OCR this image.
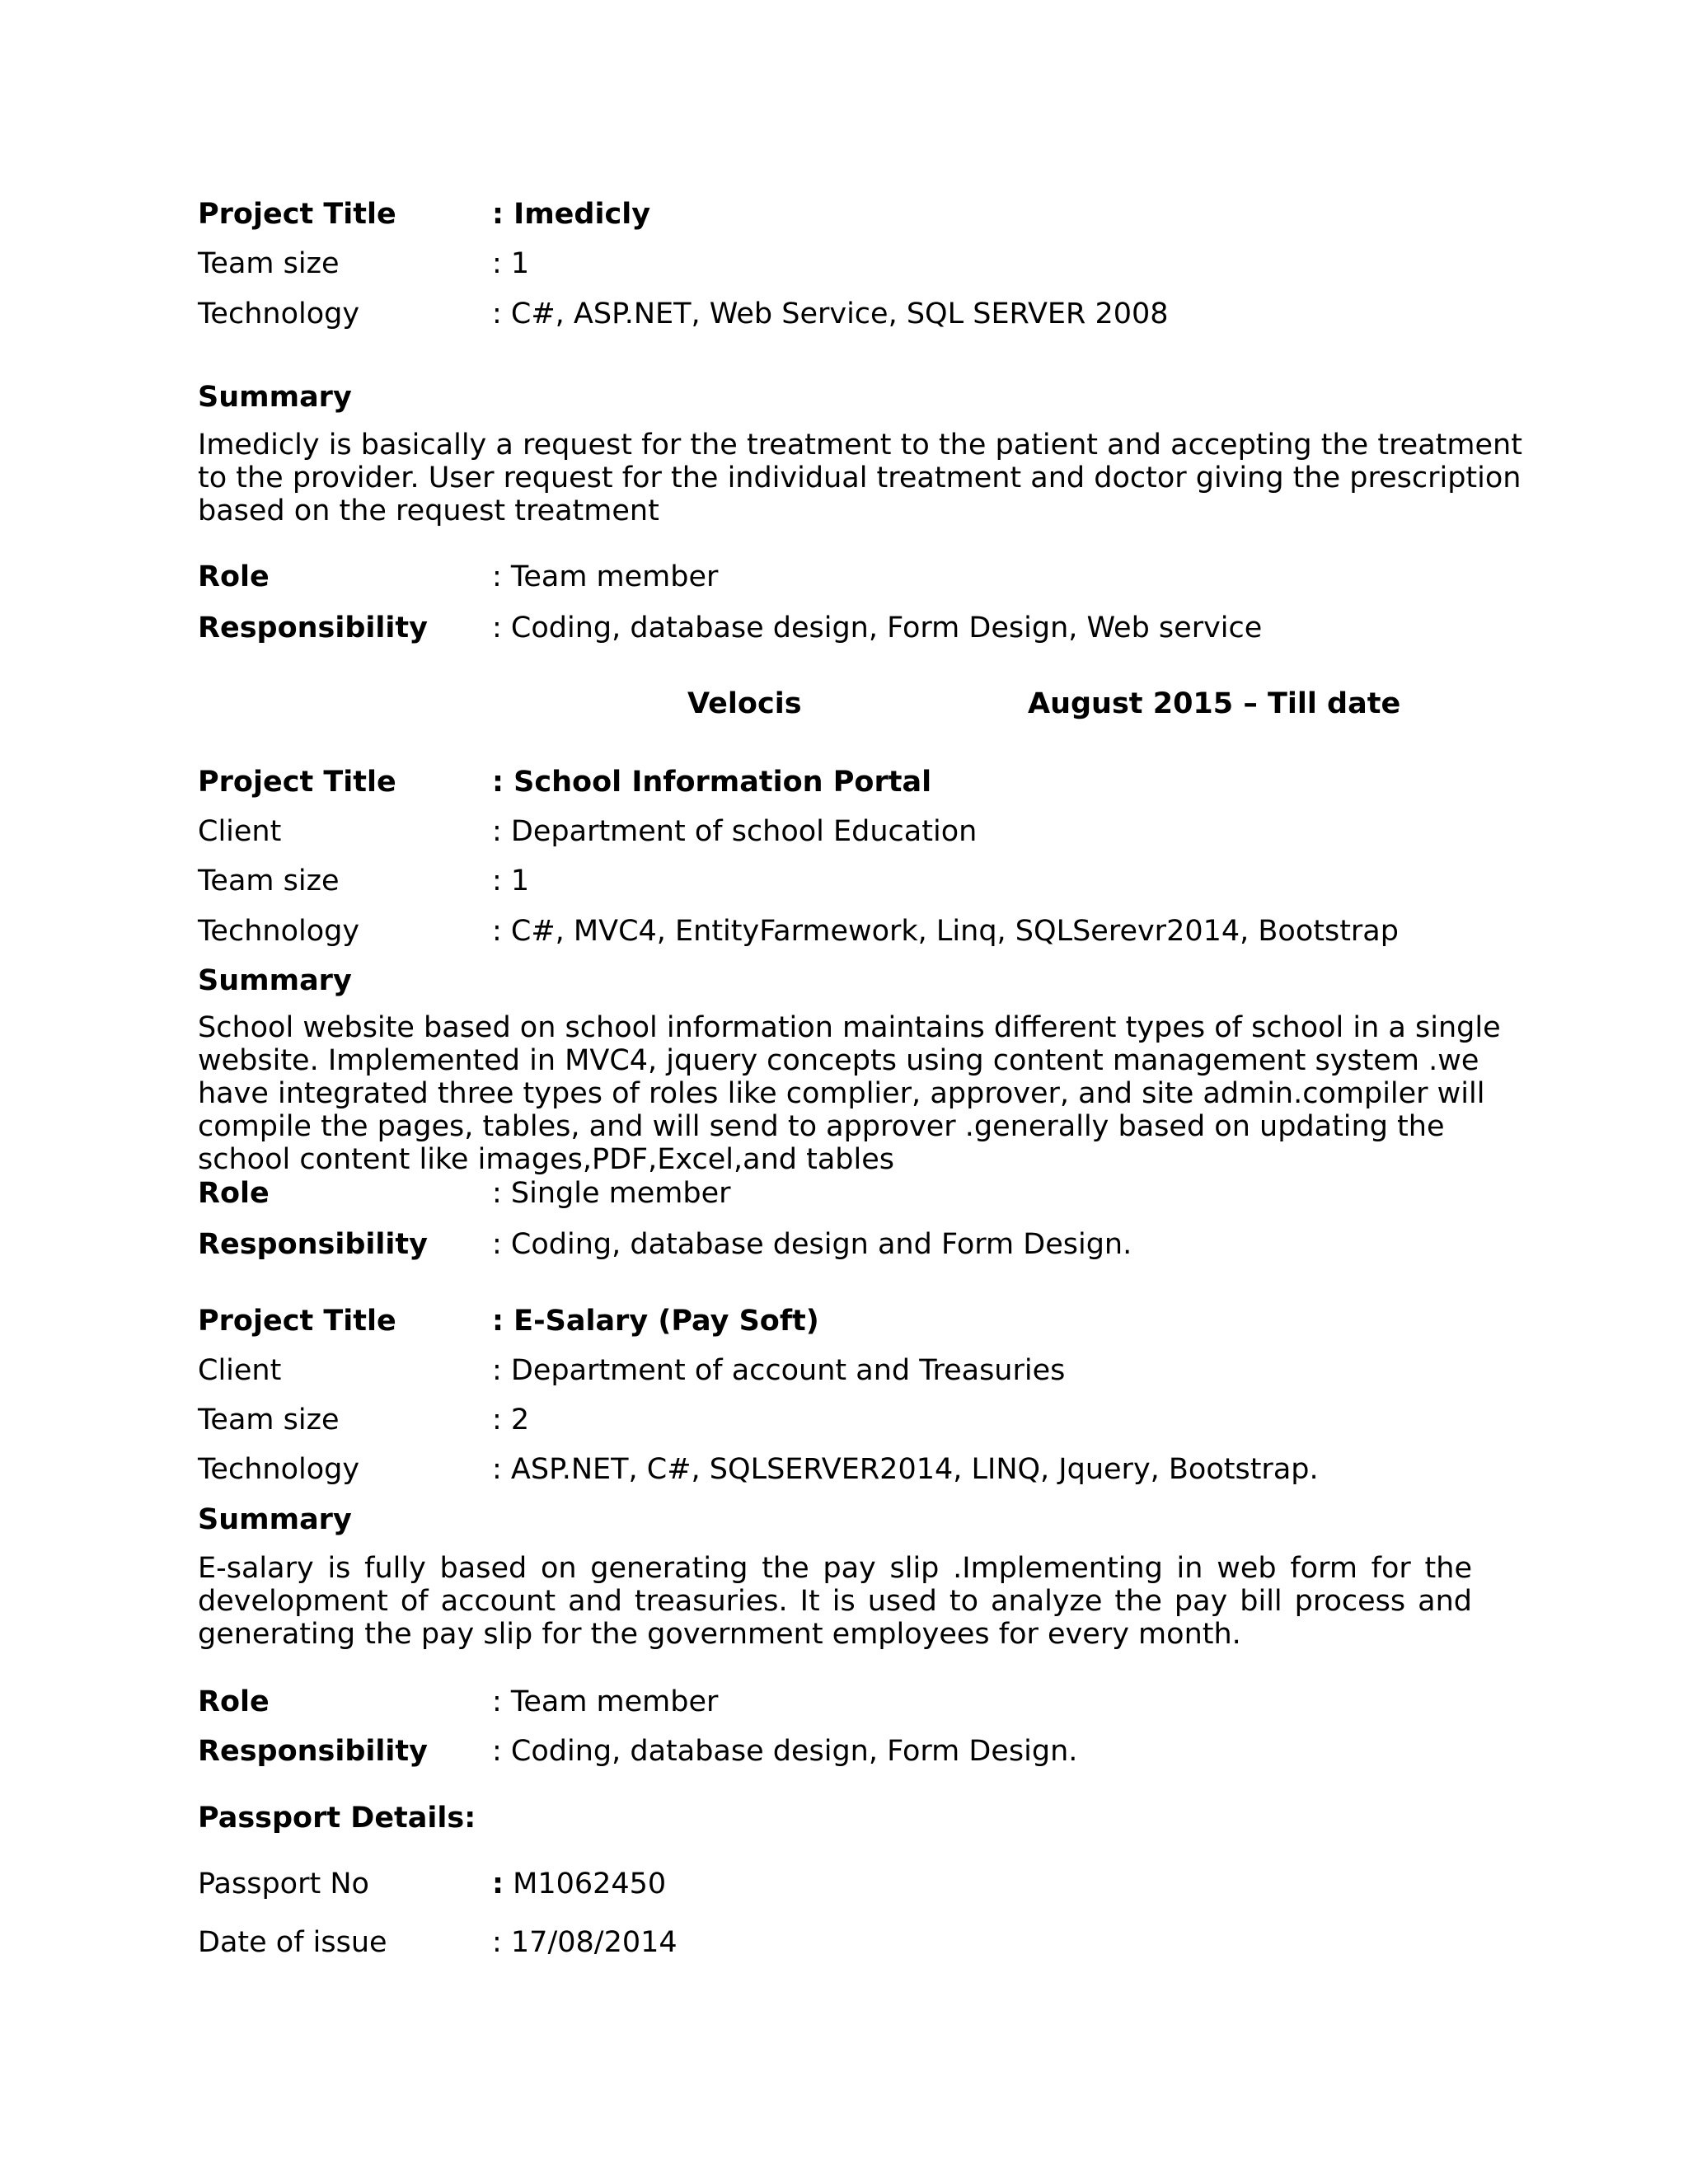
Project Title	: Imedicly
Team size	: 1
Technology	: C#, ASP.NET, Web Service, SQL SERVER 2008
Summary
Imedicly is basically a request for the treatment to the patient and accepting the treatment
to the provider. User request for the individual treatment and doctor giving the prescription
based on the request treatment
Role	: Team member
Responsibility : Coding, database design, Form Design, Web service
Velocis	August 2015 – Till date
Project Title	: School Information Portal
Client	: Department of school Education
Team size	: 1
Technology	: C#, MVC4, EntityFarmework, Linq, SQLSerevr2014, Bootstrap
Summary
School website based on school information maintains different types of school in a single
website. Implemented in MVC4, jquery concepts using content management system .we
have integrated three types of roles like complier, approver, and site admin.compiler will
compile the pages, tables, and will send to approver .generally based on updating the
school content like images,PDF,Excel,and tables
Role	: Single member
Responsibility : Coding, database design and Form Design.
Project Title	: E-Salary (Pay Soft)
Client	: Department of account and Treasuries
Team size	: 2
Technology	: ASP.NET, C#, SQLSERVER2014, LINQ, Jquery, Bootstrap.
Summary
E-salary is fully based on generating the pay slip .Implementing in web form for the
development of account and treasuries. It is used to analyze the pay bill process and
generating the pay slip for the government employees for every month.
Role	: Team member
Responsibility : Coding, database design, Form Design.
Passport Details:
Passport No	: M1062450
Date of issue	: 17/08/2014
